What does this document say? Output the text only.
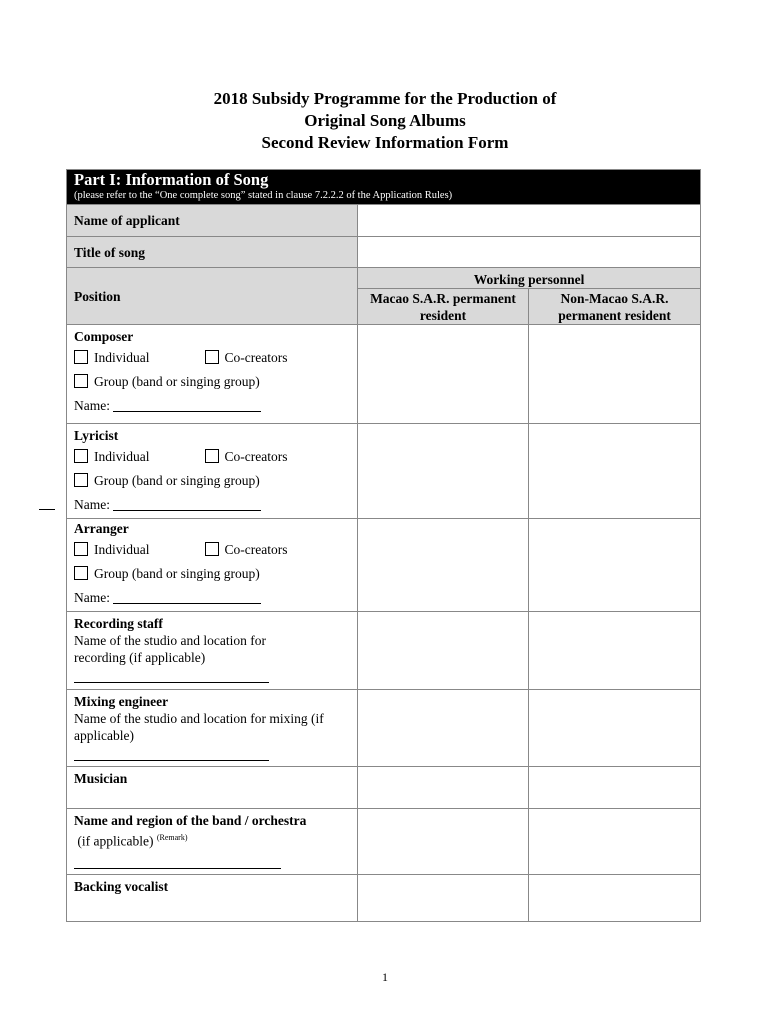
2018 Subsidy Programme for the Production of
Original Song Albums
Second Review Information Form
Part I: Information of Song
(please refer to the “One complete song” stated in clause 7.2.2.2 of the Application Rules)		

Name of applicant		
Title of song		
Position	Working personnel	
	Macao S.A.R. permanent resident	Non-Macao S.A.R. permanent resident

Composer
Individual Co-creators
Group (band or singing group)
Name:		

Lyricist
Individual Co-creators
Group (band or singing group)
Name:		

Arranger
Individual Co-creators
Group (band or singing group)
Name:		

Recording staff
Name of the studio and location for recording (if applicable)		

Mixing engineer
Name of the studio and location for mixing (if applicable)		

Musician		

Name and region of the band / orchestra
(if applicable) $^{(Remark)}$

Backing vocalist		
1
